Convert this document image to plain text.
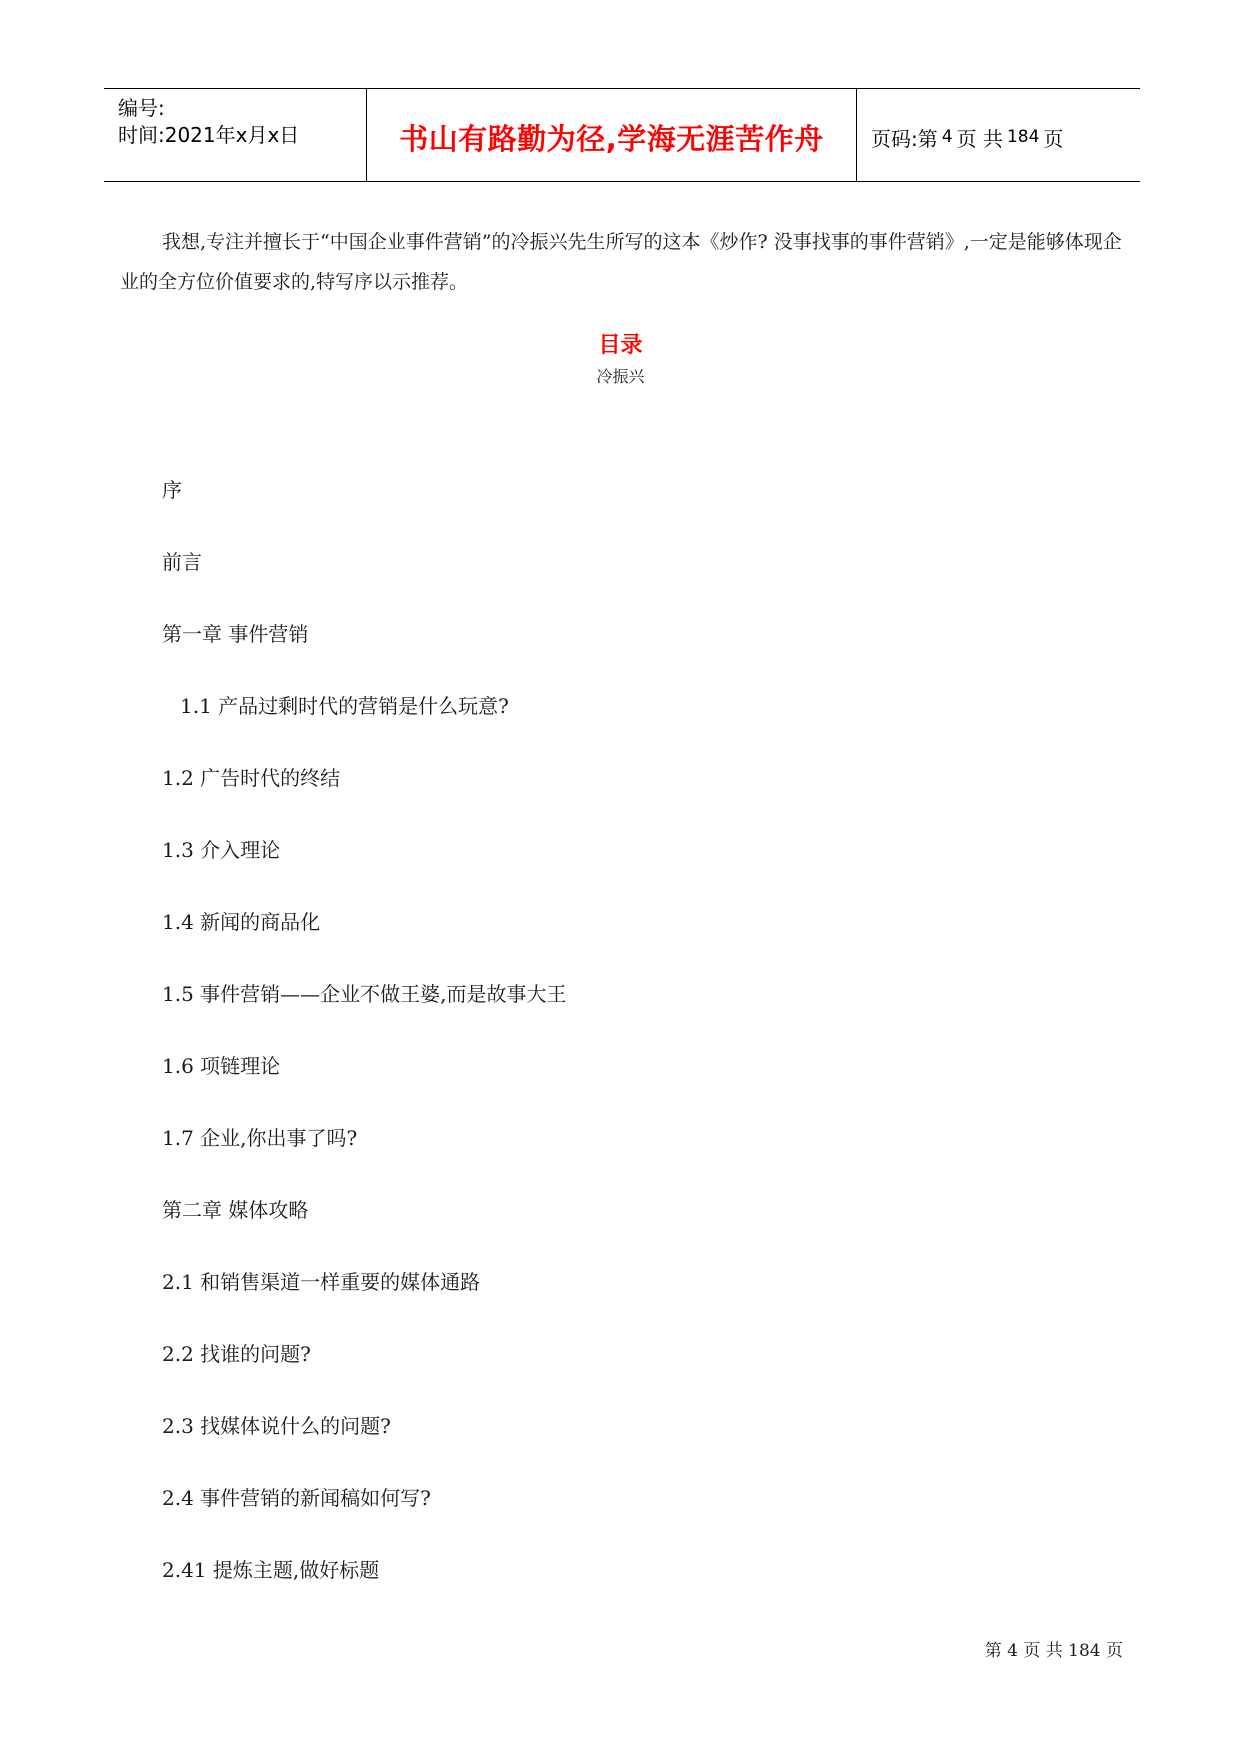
编号:
时间:2021年x月x日	书山有路勤为径,学海无涯苦作舟	页码:第 4 页 共 184 页

我想,专注并擅长于“中国企业事件营销”的冷振兴先生所写的这本《炒作? 没事找事的事件营销》,一定是能够体现企业的全方位价值要求的,特写序以示推荐。

目录
冷振兴
序
前言
第一章 事件营销
1.1 产品过剩时代的营销是什么玩意?
1.2 广告时代的终结
1.3 介入理论
1.4 新闻的商品化
1.5 事件营销——企业不做王婆,而是故事大王
1.6 项链理论
1.7 企业,你出事了吗?
第二章 媒体攻略
2.1 和销售渠道一样重要的媒体通路
2.2 找谁的问题?
2.3 找媒体说什么的问题?
2.4 事件营销的新闻稿如何写?
2.41 提炼主题,做好标题
第 4 页 共 184 页
